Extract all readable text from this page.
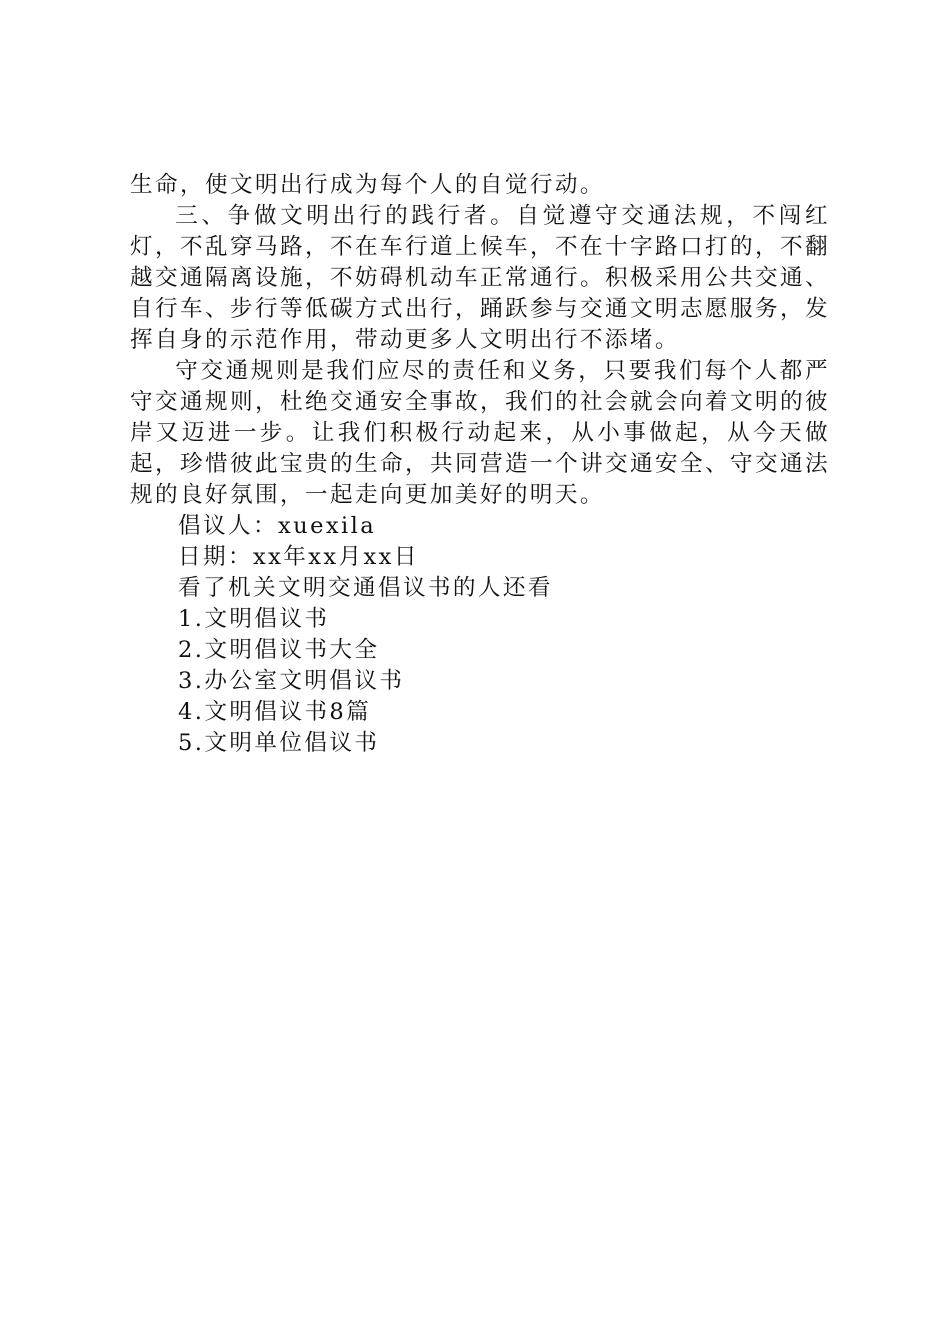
生命，使文明出行成为每个人的自觉行动。

三、争做文明出行的践行者。自觉遵守交通法规，不闯红灯，不乱穿马路，不在车行道上候车，不在十字路口打的，不翻越交通隔离设施，不妨碍机动车正常通行。积极采用公共交通、自行车、步行等低碳方式出行，踊跃参与交通文明志愿服务，发挥自身的示范作用，带动更多人文明出行不添堵。

守交通规则是我们应尽的责任和义务，只要我们每个人都严守交通规则，杜绝交通安全事故，我们的社会就会向着文明的彼岸又迈进一步。让我们积极行动起来，从小事做起，从今天做起，珍惜彼此宝贵的生命，共同营造一个讲交通安全、守交通法规的良好氛围，一起走向更加美好的明天。

倡议人：xuexila
日期：xx年xx月xx日
看了机关文明交通倡议书的人还看
1.文明倡议书
2.文明倡议书大全
3.办公室文明倡议书
4.文明倡议书8篇
5.文明单位倡议书
